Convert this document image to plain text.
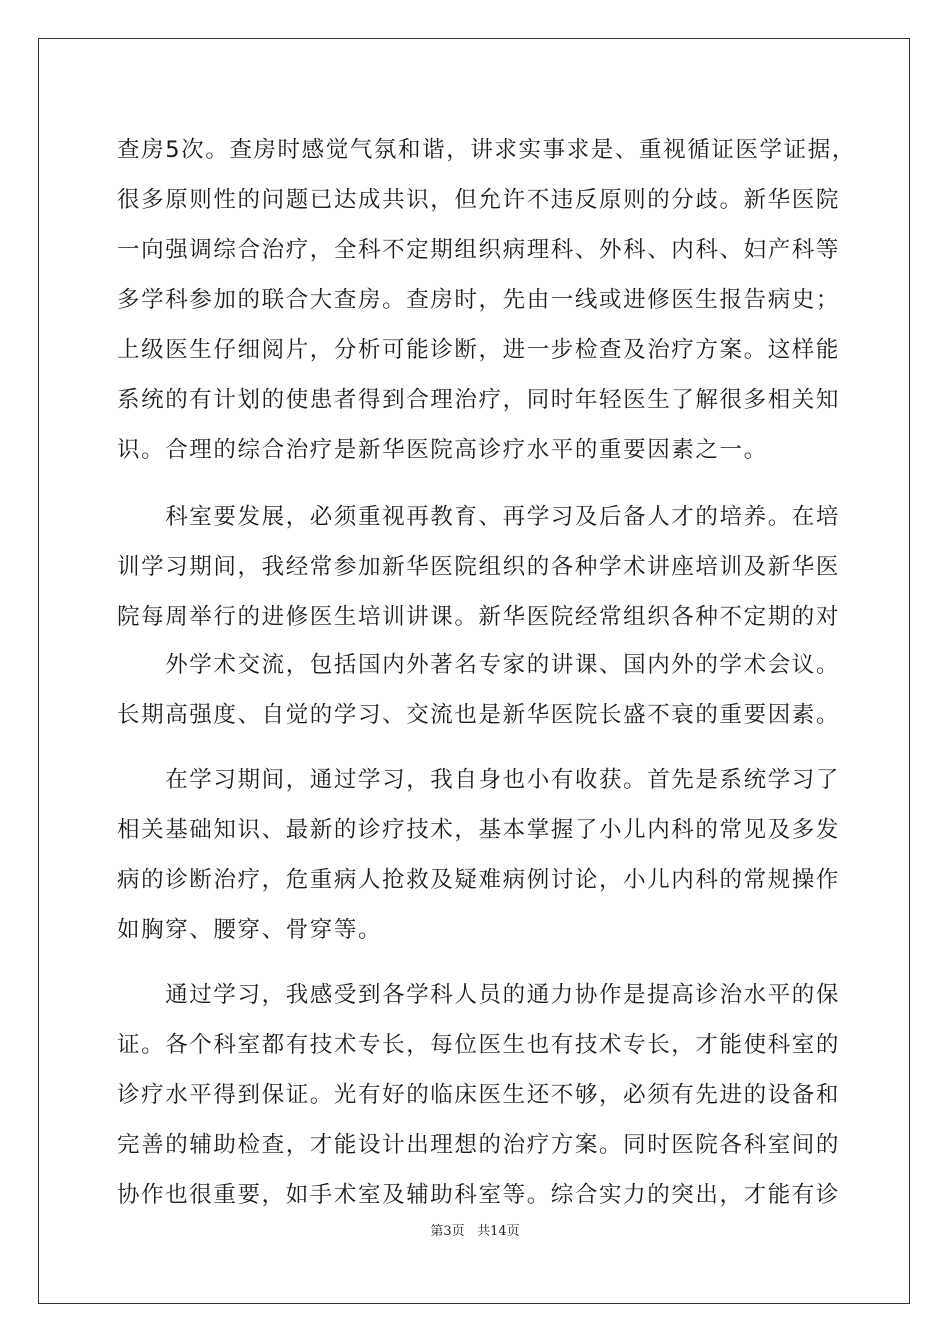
查房5次。查房时感觉气氛和谐，讲求实事求是、重视循证医学证据，
很多原则性的问题已达成共识，但允许不违反原则的分歧。新华医院
一向强调综合治疗，全科不定期组织病理科、外科、内科、妇产科等
多学科参加的联合大查房。查房时，先由一线或进修医生报告病史；
上级医生仔细阅片，分析可能诊断，进一步检查及治疗方案。这样能
系统的有计划的使患者得到合理治疗，同时年轻医生了解很多相关知
识。合理的综合治疗是新华医院高诊疗水平的重要因素之一。
　　科室要发展，必须重视再教育、再学习及后备人才的培养。在培
训学习期间，我经常参加新华医院组织的各种学术讲座培训及新华医
院每周举行的进修医生培训讲课。新华医院经常组织各种不定期的对
　　外学术交流，包括国内外著名专家的讲课、国内外的学术会议。
长期高强度、自觉的学习、交流也是新华医院长盛不衰的重要因素。
　　在学习期间，通过学习，我自身也小有收获。首先是系统学习了
相关基础知识、最新的诊疗技术，基本掌握了小儿内科的常见及多发
病的诊断治疗，危重病人抢救及疑难病例讨论，小儿内科的常规操作
如胸穿、腰穿、骨穿等。
　　通过学习，我感受到各学科人员的通力协作是提高诊治水平的保
证。各个科室都有技术专长，每位医生也有技术专长，才能使科室的
诊疗水平得到保证。光有好的临床医生还不够，必须有先进的设备和
完善的辅助检查，才能设计出理想的治疗方案。同时医院各科室间的
协作也很重要，如手术室及辅助科室等。综合实力的突出，才能有诊
第3页 共14页
